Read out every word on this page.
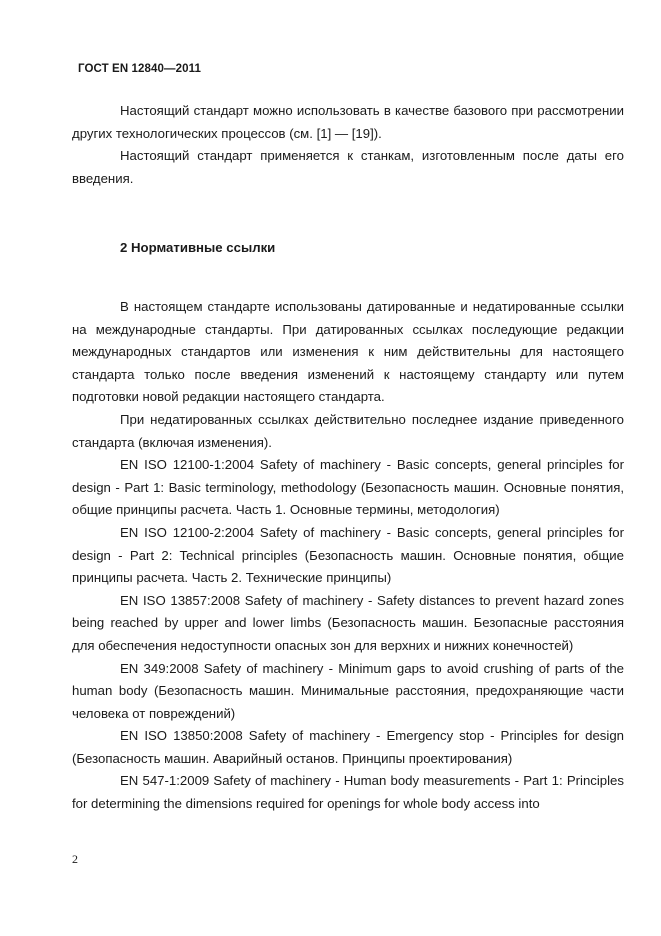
ГОСТ EN 12840—2011

Настоящий стандарт можно использовать в качестве базового при рассмотрении других технологических процессов (см. [1] — [19]).

Настоящий стандарт применяется к станкам, изготовленным после даты его введения.

2 Нормативные ссылки

В настоящем стандарте использованы датированные и недатированные ссылки на международные стандарты. При датированных ссылках последующие редакции международных стандартов или изменения к ним действительны для настоящего стандарта только после введения изменений к настоящему стандарту или путем подготовки новой редакции настоящего стандарта.

При недатированных ссылках действительно последнее издание приведенного стандарта (включая изменения).

EN ISO 12100-1:2004 Safety of machinery - Basic concepts, general principles for design - Part 1: Basic terminology, methodology (Безопасность машин. Основные понятия, общие принципы расчета. Часть 1. Основные термины, методология)

EN ISO 12100-2:2004 Safety of machinery - Basic concepts, general principles for design - Part 2: Technical principles (Безопасность машин. Основные понятия, общие принципы расчета. Часть 2. Технические принципы)

EN ISO 13857:2008 Safety of machinery - Safety distances to prevent hazard zones being reached by upper and lower limbs (Безопасность машин. Безопасные расстояния для обеспечения недоступности опасных зон для верхних и нижних конечностей)

EN 349:2008 Safety of machinery - Minimum gaps to avoid crushing of parts of the human body (Безопасность машин. Минимальные расстояния, предохраняющие части человека от повреждений)

EN ISO 13850:2008 Safety of machinery - Emergency stop - Principles for design (Безопасность машин. Аварийный останов. Принципы проектирования)

EN 547-1:2009 Safety of machinery - Human body measurements - Part 1: Principles for determining the dimensions required for openings for whole body access into

2
